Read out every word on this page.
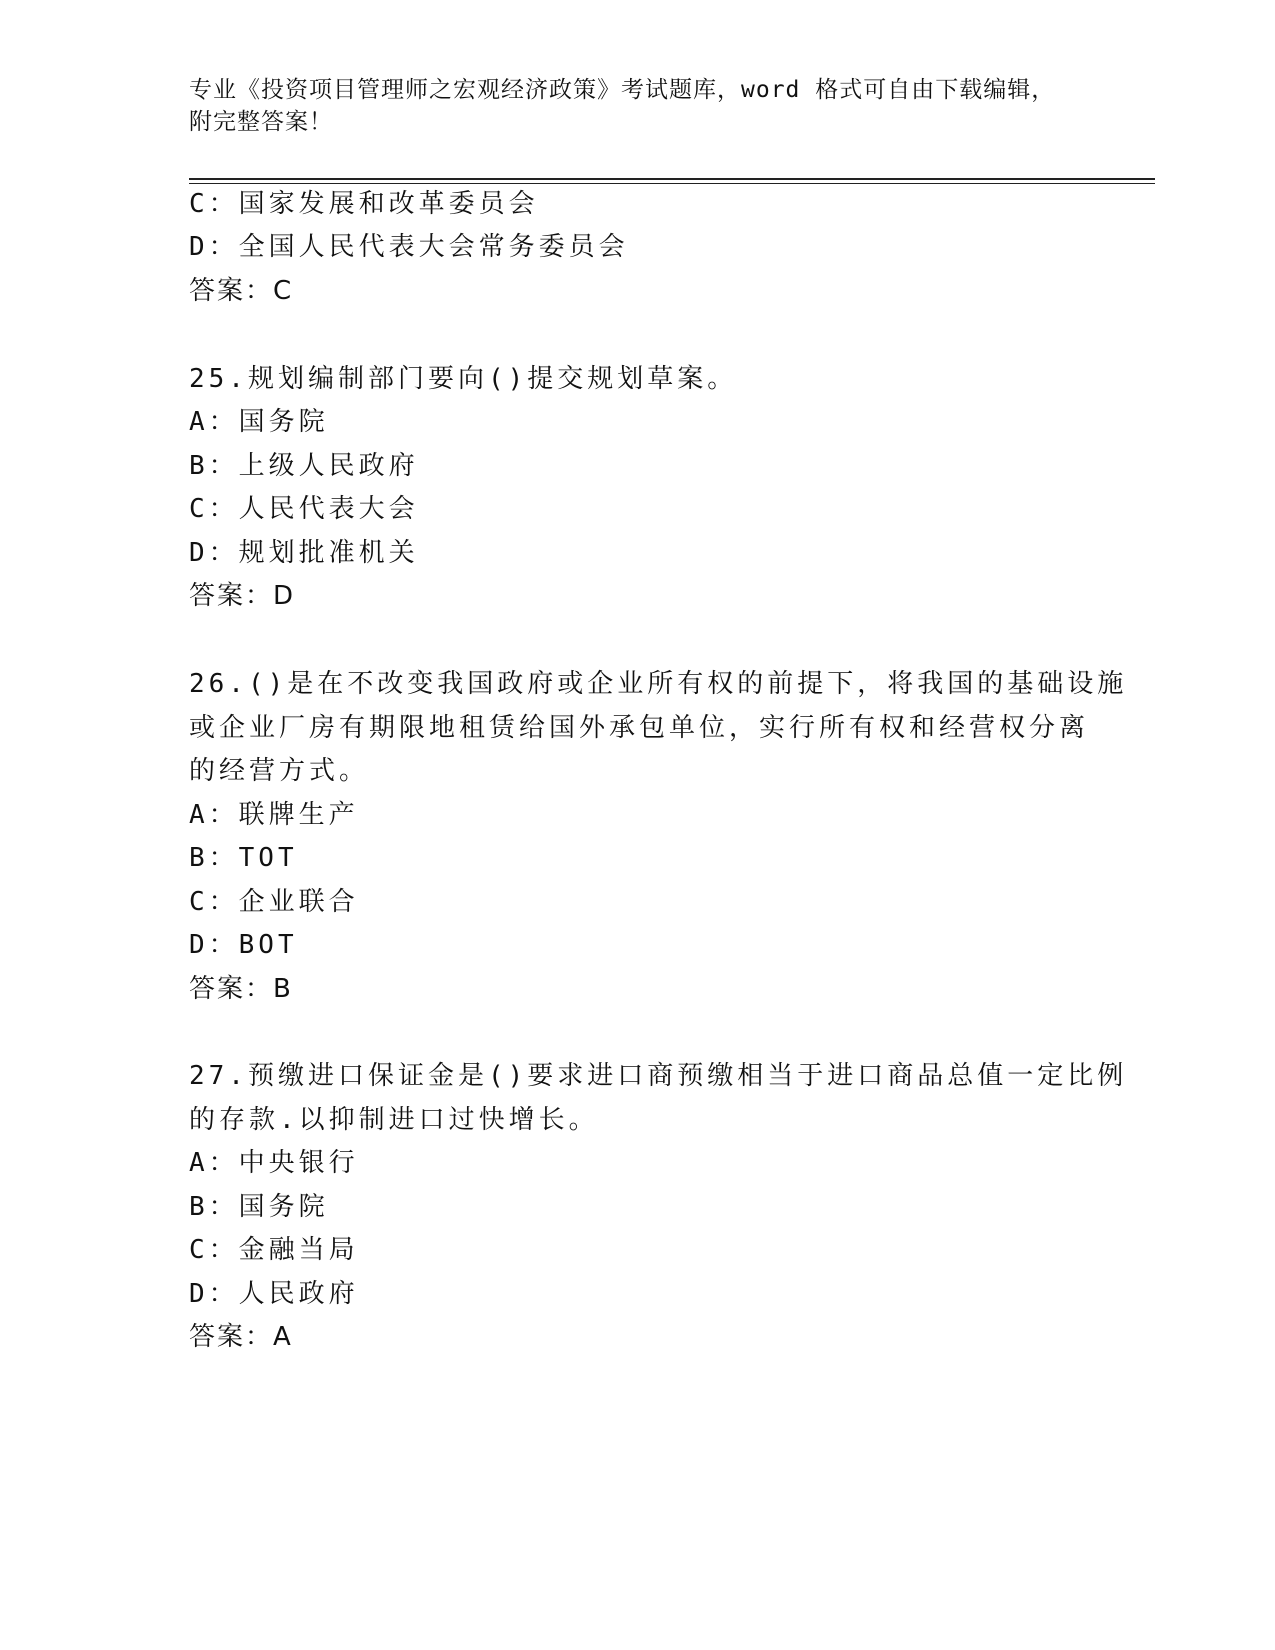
专业《投资项目管理师之宏观经济政策》考试题库，word 格式可自由下载编辑，
附完整答案！
C：国家发展和改革委员会
D：全国人民代表大会常务委员会
答案：C
25.规划编制部门要向()提交规划草案。
A：国务院
B：上级人民政府
C：人民代表大会
D：规划批准机关
答案：D
26.()是在不改变我国政府或企业所有权的前提下，将我国的基础设施
或企业厂房有期限地租赁给国外承包单位，实行所有权和经营权分离
的经营方式。
A：联牌生产
B：TOT
C：企业联合
D：BOT
答案：B
27.预缴进口保证金是()要求进口商预缴相当于进口商品总值一定比例
的存款.以抑制进口过快增长。
A：中央银行
B：国务院
C：金融当局
D：人民政府
答案：A
